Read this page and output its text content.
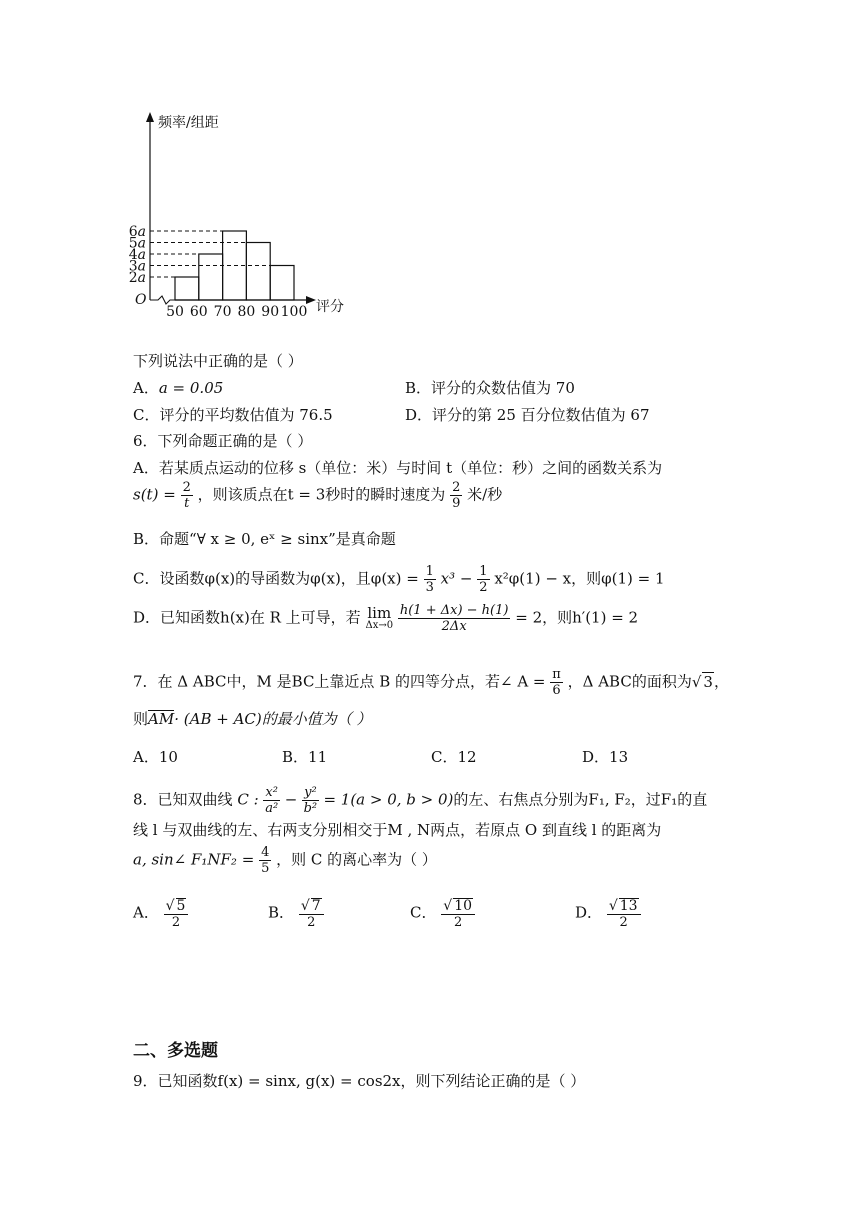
2a
3a
4a
5a
6a
50 60 70 80 90 100
频率/组距
评分
O
下列说法中正确的是（ ）
A．a = 0.05	B．评分的众数估值为 70
C．评分的平均数估值为 76.5	D．评分的第 25 百分位数估值为 67
6．下列命题正确的是（ ）
A．若某质点运动的位移 s（单位：米）与时间 t（单位：秒）之间的函数关系为
$s(t) = \frac{2}{t}$ ，则该质点在t = 3秒时的瞬时速度为 $\frac{2}{9}$ 米/秒
B．命题“∀ x ≥ 0, eˣ ≥ sinx”是真命题
C．设函数φ(x)的导函数为φ(x)，且$\varphi(x) = \frac{1}{3} x^3 - \frac{1}{2} x^2\varphi(1) - x$，则φ(1) = 1
D．已知函数h(x)在 R 上可导，若 lim
Δx→0
$\frac{h(1 + \Delta x) - h(1)}{2\Delta x} = 2$，则h′(1) = 2
7．在 Δ ABC中，M 是BC上靠近点 B 的四等分点，若∠ $A = \frac{\pi}{6}$ ，Δ ABC的面积为√ 3，
则AM· (AB + AC)的最小值为（ ）
A．10	B．11	C．12	D．13
8．已知双曲线 C : $\frac{\text{x²}}{\text{a²}} - \frac{\text{y²}}{\text{b²}} = 1(a > 0$, b > 0)的左、右焦点分别为F₁, F₂，过F₁的直
线 l 与双曲线的左、右两支分别相交于M , N两点，若原点 O 到直线 l 的距离为
a, sin∠ $F_1NF_2 = \frac{4}{5}$ ，则 C 的离心率为（ ）
A． $\frac{√ 5}{2}$	B． $\frac{√ 7}{2}$	C． $\frac{√ 10}{2}$	D． $\frac{√ 13}{2}$
二、多选题
9．已知函数f(x) = sinx, g(x) = cos2x，则下列结论正确的是（ ）
